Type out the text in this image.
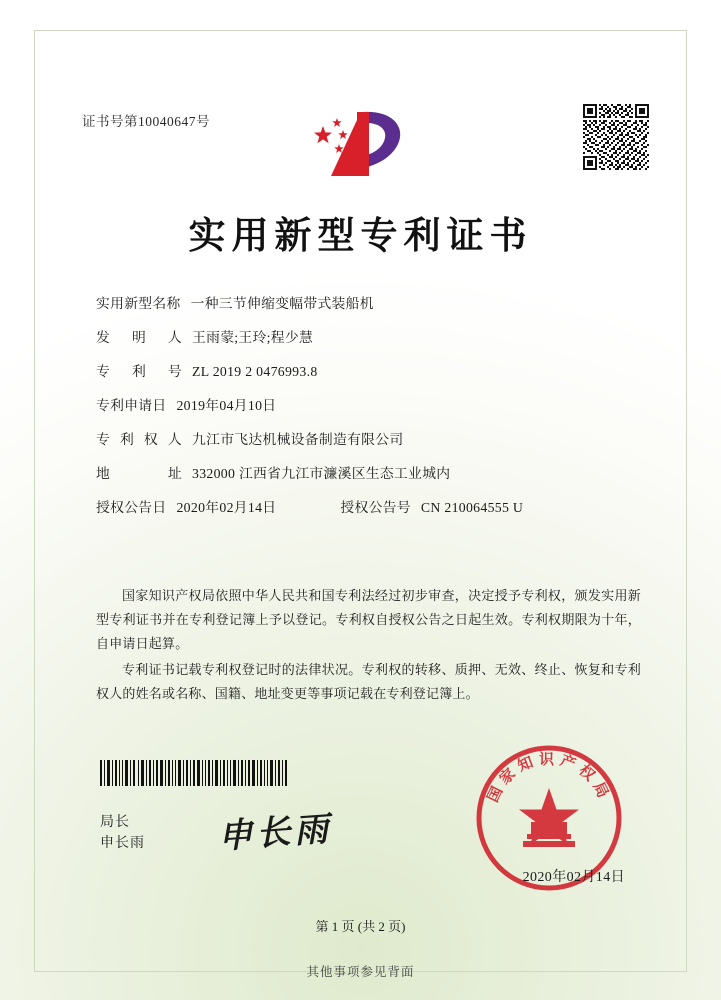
证书号第10040647号
实用新型专利证书
实用新型名称 一种三节伸缩变幅带式装船机
发明人 王雨蒙;王玲;程少慧
专利号 ZL 2019 2 0476993.8
专利申请日 2019年04月10日
专利权人 九江市飞达机械设备制造有限公司
地址 332000 江西省九江市濂溪区生态工业城内
授权公告日 2020年02月14日	授权公告号 CN 210064555 U
国家知识产权局依照中华人民共和国专利法经过初步审查，决定授予专利权，颁发实用新型专利证书并在专利登记簿上予以登记。专利权自授权公告之日起生效。专利权期限为十年，自申请日起算。
专利证书记载专利权登记时的法律状况。专利权的转移、质押、无效、终止、恢复和专利权人的姓名或名称、国籍、地址变更等事项记载在专利登记簿上。
局长
申长雨 申长雨
国家知识产权局
2020年02月14日
第 1 页 (共 2 页)
其他事项参见背面
